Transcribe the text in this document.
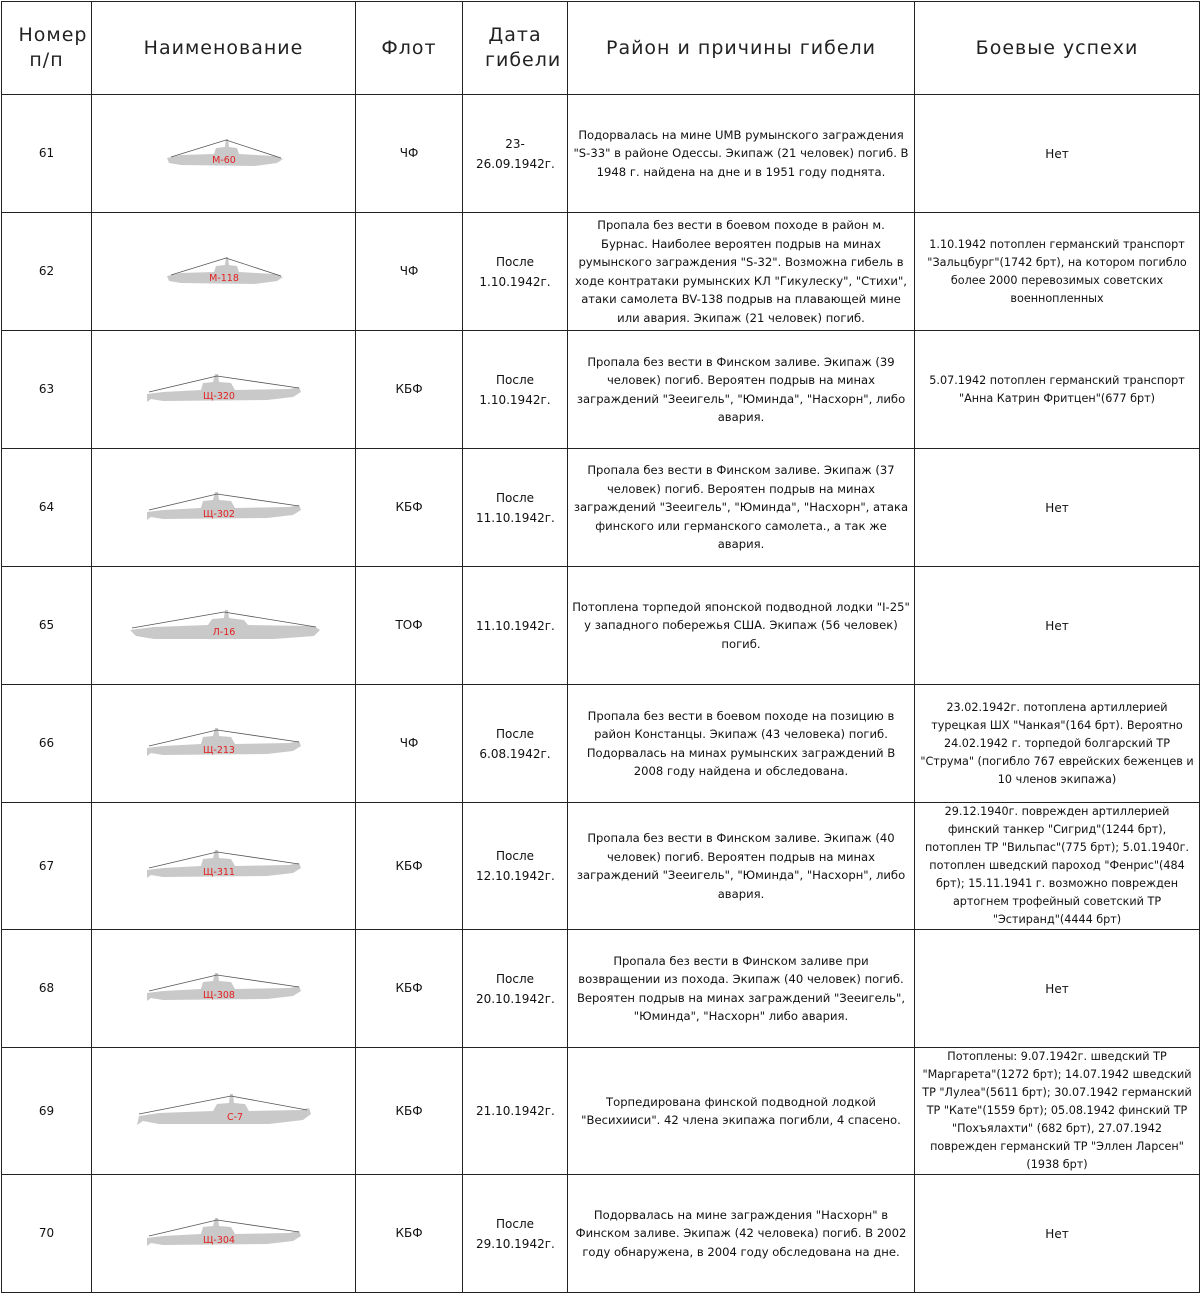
Номер п/п	Наименование	Флот	Дата гибели	Район и причины гибели	Боевые успехи
61	М-60	ЧФ	23-26.09.1942г.	Подорвалась на мине UMB румынского заграждения "S-33" в районе Одессы. Экипаж (21 человек) погиб. В 1948 г. найдена на дне и в 1951 году поднята.	Нет
62	М-118	ЧФ	После 1.10.1942г.	Пропала без вести в боевом походе в район м. Бурнас. Наиболее вероятен подрыв на минах румынского заграждения "S-32". Возможна гибель в ходе контратаки румынских КЛ "Гикулеску", "Стихи", атаки самолета BV-138 подрыв на плавающей мине или авария. Экипаж (21 человек) погиб.	1.10.1942 потоплен германский транспорт "Зальцбург"(1742 брт), на котором погибло более 2000 перевозимых советских военнопленных
63	Щ-320	КБФ	После 1.10.1942г.	Пропала без вести в Финском заливе. Экипаж (39 человек) погиб. Вероятен подрыв на минах заграждений "Зееигель", "Юминда", "Насхорн", либо авария.	5.07.1942 потоплен германский транспорт "Анна Катрин Фритцен"(677 брт)
64	Щ-302	КБФ	После 11.10.1942г.	Пропала без вести в Финском заливе. Экипаж (37 человек) погиб. Вероятен подрыв на минах заграждений "Зееигель", "Юминда", "Насхорн", атака финского или германского самолета., а так же авария.	Нет
65	Л-16	ТОФ	11.10.1942г.	Потоплена торпедой японской подводной лодки "I-25" у западного побережья США. Экипаж (56 человек) погиб.	Нет
66	Щ-213	ЧФ	После 6.08.1942г.	Пропала без вести в боевом походе на позицию в район Констанцы. Экипаж (43 человека) погиб. Подорвалась на минах румынских заграждений В 2008 году найдена и обследована.	23.02.1942г. потоплена артиллерией турецкая ШХ "Чанкая"(164 брт). Вероятно 24.02.1942 г. торпедой болгарский ТР "Струма" (погибло 767 еврейских беженцев и 10 членов экипажа)
67	Щ-311	КБФ	После 12.10.1942г.	Пропала без вести в Финском заливе. Экипаж (40 человек) погиб. Вероятен подрыв на минах заграждений "Зееигель", "Юминда", "Насхорн", либо авария.	29.12.1940г. поврежден артиллерией финский танкер "Сигрид"(1244 брт), потоплен ТР "Вильпас"(775 брт); 5.01.1940г. потоплен шведский пароход "Фенрис"(484 брт); 15.11.1941 г. возможно поврежден артогнем трофейный советский ТР "Эстиранд"(4444 брт)
68	Щ-308	КБФ	После 20.10.1942г.	Пропала без вести в Финском заливе при возвращении из похода. Экипаж (40 человек) погиб. Вероятен подрыв на минах заграждений "Зееигель", "Юминда", "Насхорн" либо авария.	Нет
69	С-7	КБФ	21.10.1942г.	Торпедирована финской подводной лодкой "Весихииси". 42 члена экипажа погибли, 4 спасено.	Потоплены: 9.07.1942г. шведский ТР "Маргарета"(1272 брт); 14.07.1942 шведский ТР "Лулеа"(5611 брт); 30.07.1942 германский ТР "Катe"(1559 брт); 05.08.1942 финский ТР "Похъялахти" (682 брт), 27.07.1942 поврежден германский ТР "Эллен Ларсен" (1938 брт)
70	Щ-304	КБФ	После 29.10.1942г.	Подорвалась на мине заграждения "Насхорн" в Финском заливе. Экипаж (42 человека) погиб. В 2002 году обнаружена, в 2004 году обследована на дне.	Нет
